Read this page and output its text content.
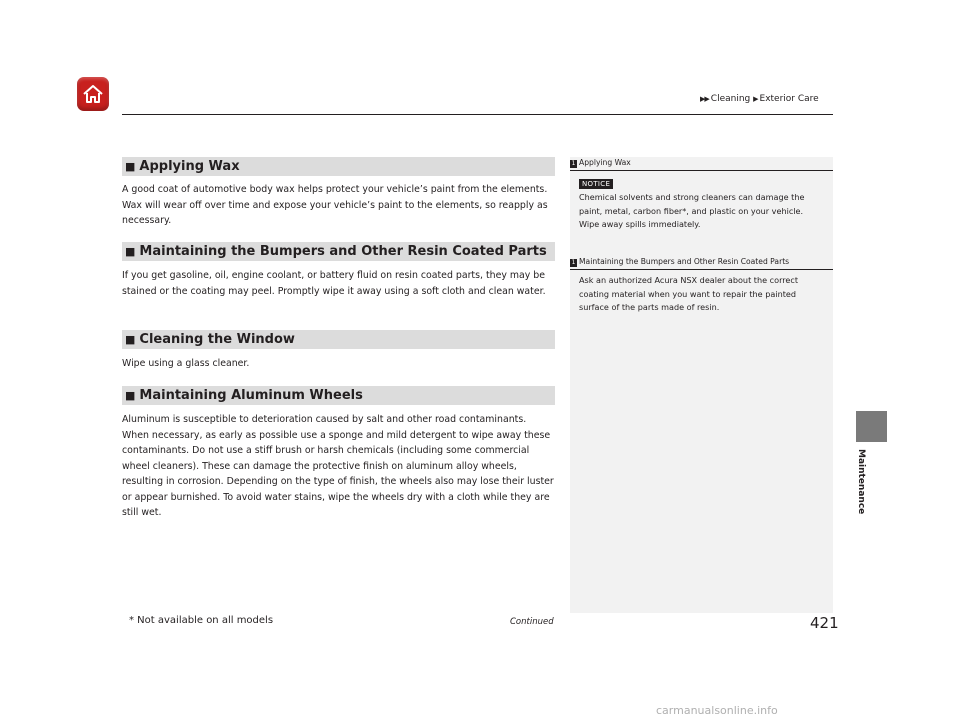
▶▶ Cleaning ▶ Exterior Care
Maintenance
■ Applying Wax

A good coat of automotive body wax helps protect your vehicle’s paint from the elements. Wax will wear off over time and expose your vehicle’s paint to the elements, so reapply as necessary.

■ Maintaining the Bumpers and Other Resin Coated Parts

If you get gasoline, oil, engine coolant, or battery fluid on resin coated parts, they may be stained or the coating may peel. Promptly wipe it away using a soft cloth and clean water.

■ Cleaning the Window

Wipe using a glass cleaner.

■ Maintaining Aluminum Wheels

Aluminum is susceptible to deterioration caused by salt and other road contaminants. When necessary, as early as possible use a sponge and mild detergent to wipe away these contaminants. Do not use a stiff brush or harsh chemicals (including some commercial wheel cleaners). These can damage the protective finish on aluminum alloy wheels, resulting in corrosion. Depending on the type of finish, the wheels also may lose their luster or appear burnished. To avoid water stains, wipe the wheels dry with a cloth while they are still wet.

1 Applying Wax
NOTICE

Chemical solvents and strong cleaners can damage the paint, metal, carbon fiber*, and plastic on your vehicle. Wipe away spills immediately.

1 Maintaining the Bumpers and Other Resin Coated Parts

Ask an authorized Acura NSX dealer about the correct coating material when you want to repair the painted surface of the parts made of resin.

* Not available on all models	Continued	421
carmanualsonline.info
